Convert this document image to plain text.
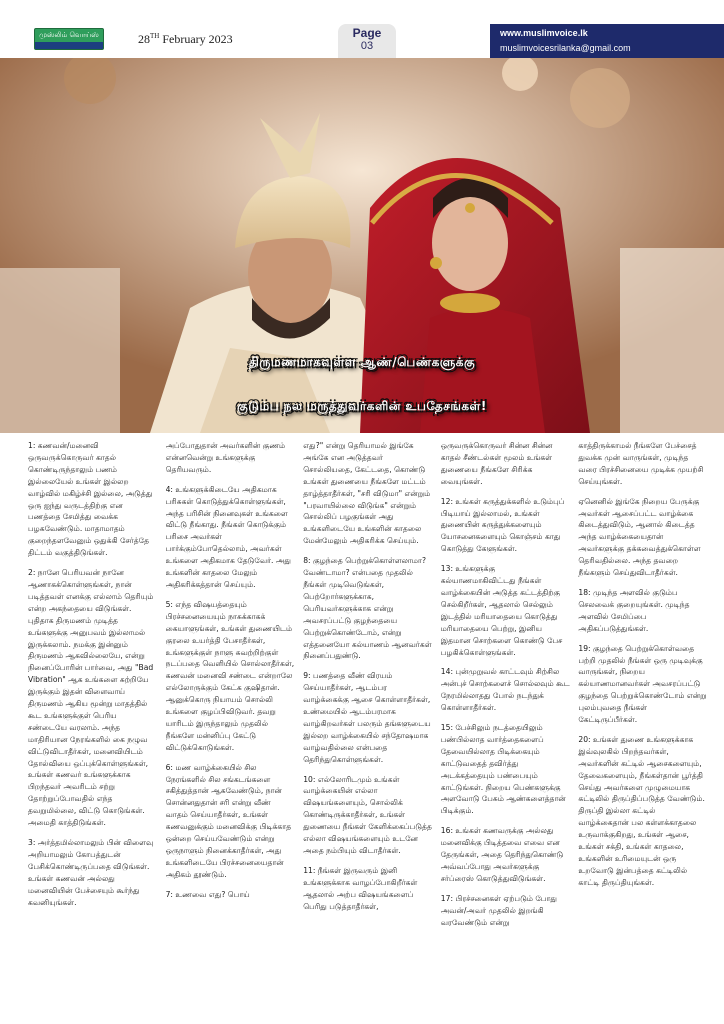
முஸ்லிம் வொய்ஸ்	28TH February 2023	Page
03
www.muslimvoice.lk
muslimvoicesrilanka@gmail.com
திருமணமாகவுள்ள ஆண்/பெண்களுக்கு
குடும்ப நல மருத்துவர்களின் உபதேசங்கள்!

1: கணவன்/மனைவி ஒருவருக்கொருவர் காதல் கொண்டிருந்தாலும் பணம் இல்லையேல் உங்கள் இல்லற வாழ்வில் மகிழ்ச்சி இல்லை, அடுத்து ஒரு ஐந்து வருடத்திற்கு என பணத்தை சேமித்து வைக்க பழகவேண்டும். மாதாமாதம் குறைந்தளவேனும் ஒதுக்கி சேர்த்தே திட்டம் வகுத்திடுங்கள்.

2: நானே பெரியவன் நானே ஆணாகக்கொள்ளுங்கள், நான் படித்தவள் எனக்கு எல்லாம் தெரியும் என்ற அகந்தையை விடுங்கள். புதிதாக திருமணம் முடித்த உங்களுக்கு அனுபவம் இல்லாமல் இருக்கலாம். நமக்கு இன்னும் திருமணம் ஆகவில்லையே, என்று நினைப்போரின் பார்வை, அது "Bad Vibration" ஆக உங்களை சுற்றியே இருக்கும் இதன் விளைவாய் திருமணம் ஆகிய மூன்று மாதத்தில் கூட உங்களுக்குள் பெரிய சண்டையே வரலாம். அந்த மாதிரியான நேரங்களில் கை நழுவ விட்டுவிடாதீர்கள், மனைவியிடம் தோல்வியை ஒப்புக்கொள்ளுங்கள், உங்கள் கணவர் உங்களுக்காக பிறந்தவர் அவரிடம் சற்று தோற்றுப்போவதில் எந்த தவறுமில்லை, விட்டு கொடுங்கள். அமைதி காத்திடுங்கள்.

3: அர்த்தமில்லாமலும் பின் விளைவு அறியாமலும் கோபத்துடன் பேசிக்கொண்டிருப்பதை விடுங்கள். உங்கள் கணவன் அல்லது மனைவியின் பேச்சையும் கூர்ந்து கவனியுங்கள்.

அப்போதுதான் அவர்களின் குணம் என்னவென்று உங்களுக்கு தெரியவரும்.

4: உங்களுக்கிடையே அதிகமாக பரிசுகள் கொடுத்துக்கொள்ளுங்கள், அந்த பரிசின் நினைவுகள் உங்களை விட்டு நீங்காது. நீங்கள் கொடுக்கும் பரிசை அவர்கள் பார்க்கும்போதெல்லாம், அவர்கள் உங்களை அதிகமாக தேடுவேர். அது உங்களின் காதலை மேலும் அதிகரிக்கத்தான் செய்யும்.

5: எந்த விஷயத்தையும் பிரச்சனையையும் நாசுக்காகக் கையாளுங்கள், உங்கள் துணையிடம் குரலை உயர்த்தி பேசாதீர்கள், உங்களுக்குள் நாளு சுவற்றிற்குள் நடப்பதை வெளியில் சொல்லாதீர்கள், கணவன் மனைவி சண்டை என்றாலே எல்லோருக்கும் கேட்க குஷிதான். ஆனுக்கொரு நியாயம் சொல்லி உங்களை குழப்பிவிடுவர். தவறு யாரிடம் இருந்தாலும் முதலில் நீங்களே மன்னிப்பு கேட்டு விட்டுக்கொடுங்கள்.

6: மண வாழ்க்கையில் சில நேரங்களில் சில சங்கடங்களை சகித்துத்தான் ஆகவேண்டும், நான் சொன்னதுதான் சரி என்று வீண் வாதம் செய்யாதீர்கள், உங்கள் கணவனுக்கும் மனைவிக்கு பிடிக்காத ஒன்றை செய்யவேண்டும் என்று ஒருநாளும் நினைக்காதீர்கள், அது உங்களிடையே பிரச்சனையைதான் அதிகம் தூண்டும்.

7: உணவை எது? பொய்

எது?" என்று தெரியாமல் இங்கே அங்கே என அடுத்தவர் சொல்லியதை, கேட்டதை, கொண்டு உங்கள் துணையை நீங்களே மட்டம் தாழ்த்தாதீர்கள், "சரி விடுமா" என்றும் "பரவாயில்லை விடுங்க" என்றும் சொல்லிப் பழகுங்கள் அது உங்களிடையே உங்களின் காதலை மேன்மேலும் அதிகரிக்க செய்யும்.

8: குழந்தை பெற்றுக்கொள்ளலாமா? வேண்டாமா? என்பதை முதலில் நீங்கள் முடிவெடுங்கள், பெற்றோர்களுக்காக, பெரியவர்களுக்காக என்று அவசரப்பட்டு குழந்தையை பெற்றுக்கொண்டோம், என்று எத்தனையோ கல்யாணம் ஆனவர்கள் நினைப்பதுண்டு.

9: பணத்தை வீண் விரயம் செய்யாதீர்கள், ஆடம்பர வாழ்க்கைக்கு ஆசை கொள்ளாதீர்கள், உண்மையில் ஆடம்பரமாக வாழ்கிறவர்கள் பலரும் தங்களுடைய இல்லற வாழ்க்கையில் சந்தோஷமாக வாழ்வதில்லை என்பதை தெரிந்துகொள்ளுங்கள்.

10: எல்லோரிடமும் உங்கள் வாழ்க்கையின் எல்லா விஷயங்களையும், சொல்லிக் கொண்டிருக்காதீர்கள், உங்கள் துணையை நீங்கள் கேளிக்கைப்படுத்த எல்லா விஷயங்களையும் உடனே அதை நம்பியும் விடாதீர்கள்.

11: நீங்கள் இருவரும் இனி உங்களுக்காக வாழப்போகிறீர்கள் ஆதலால் அற்ப விஷயங்களைப் பெரிது படுத்தாதீர்கள்,

ஒருவருக்கொருவர் சின்ன சின்ன காதல் சீண்டல்கள் மூலம் உங்கள் துணையை நீங்களே சிரிக்க வையுங்கள்.

12: உங்கள் கருத்துக்களில் உடும்புப் பிடியாய் இல்லாமல், உங்கள் துணையின் கருத்துக்களையும் யோசனைகளையும் கொஞ்சம் காது கொடுத்து கேளுங்கள்.

13: உங்களுக்கு கல்யாணமாகிவிட்டது நீங்கள் வாழ்க்கையின் அடுத்த கட்டத்திற்கு செல்கிறீர்கள், ஆதலால் செல்லும் இடத்தில் மரியாதையை கொடுத்து மரியாதையை பெற்று, இனிய இதமான சொற்களை கொண்டு பேச பழகிக்கொள்ளுங்கள்.

14: புன்முறுவல் காட்டவும் சிற்சில அன்புச் சொற்களைச் சொல்லவும் கூட நேரமில்லாதது போல் நடந்துக் கொள்ளாதீர்கள்.

15: பேச்சிலும் நடத்தையிலும் பண்பில்லாத வார்த்தைகளைப் தேவையில்லாத பிடிக்கையும் காட்டுவதைத் தவிர்த்து அடக்கத்தையும் பண்பையும் காட்டுங்கள். நிறைய பெண்களுக்கு அளவோடு பேசும் ஆண்களைத்தான் பிடிக்கும்.

16: உங்கள் கணவருக்கு அல்லது மனைவிக்கு பிடித்தவை எவை என தேருங்கள், அதை தெரிந்துகொண்டு அவ்வப்போது அவர்களுக்கு சர்ப்ரைஸ் கொடுத்துவிடுங்கள்.

17: பிரச்சனைகள் ஏற்படும் போது அவன்/அவர் முதலில் இறங்கி வரவேண்டும் என்று

காத்திருக்காமல் நீங்களே பேச்சைத் துவக்க முன் வாருங்கள், முடிந்த வரை பிரச்சினையை முடிக்க முயற்சி செய்யுங்கள்.

ஏனெனில் இங்கே நிறைய பேருக்கு அவர்கள் ஆசைப்பட்ட வாழ்க்கை கிடைத்துவிடும், ஆனால் கிடைத்த அந்த வாழ்க்கையைதான் அவர்களுக்கு தக்கவைத்துக்கொள்ள தெரிவதில்லை. அந்த தவறை நீங்களும் செய்துவிடாதீர்கள்.

18: முடிந்த அளவில் குடும்ப செலவைக் குறையுங்கள். முடிந்த அளவில் சேமிப்பை அதிகப்படுத்துங்கள்.

19: குழந்தை பெற்றுக்கொள்வதை பற்றி முதலில் நீங்கள் ஒரு முடிவுக்கு வாருங்கள், நிறைய கல்யாணமானவர்கள் அவசரப்பட்டு குழந்தை பெற்றுக்கொண்டோம் என்று புலம்புவதை நீங்கள் கேட்டிருப்பீர்கள்.

20: உங்கள் துணை உங்களுக்காக இவ்வுலகில் பிறந்தவர்கள், அவர்களின் கட்டில் ஆசைகளையும், தேவைகளையும், நீங்கள்தான் பூர்த்தி செய்து அவர்களை முழுமையாக கட்டிலில் திருப்திப்படுத்த வேண்டும். திருப்தி இல்லா கட்டில் வாழ்க்கைதான் பல கள்ளக்காதலை உருவாக்குகிறது, உங்கள் ஆசை, உங்கள் சக்தி, உங்கள் காதலை, உங்களின் உரிமையுடன் ஒரு உறவோடு இன்பத்தை கட்டிலில் காட்டி திருப்தியுங்கள்.
